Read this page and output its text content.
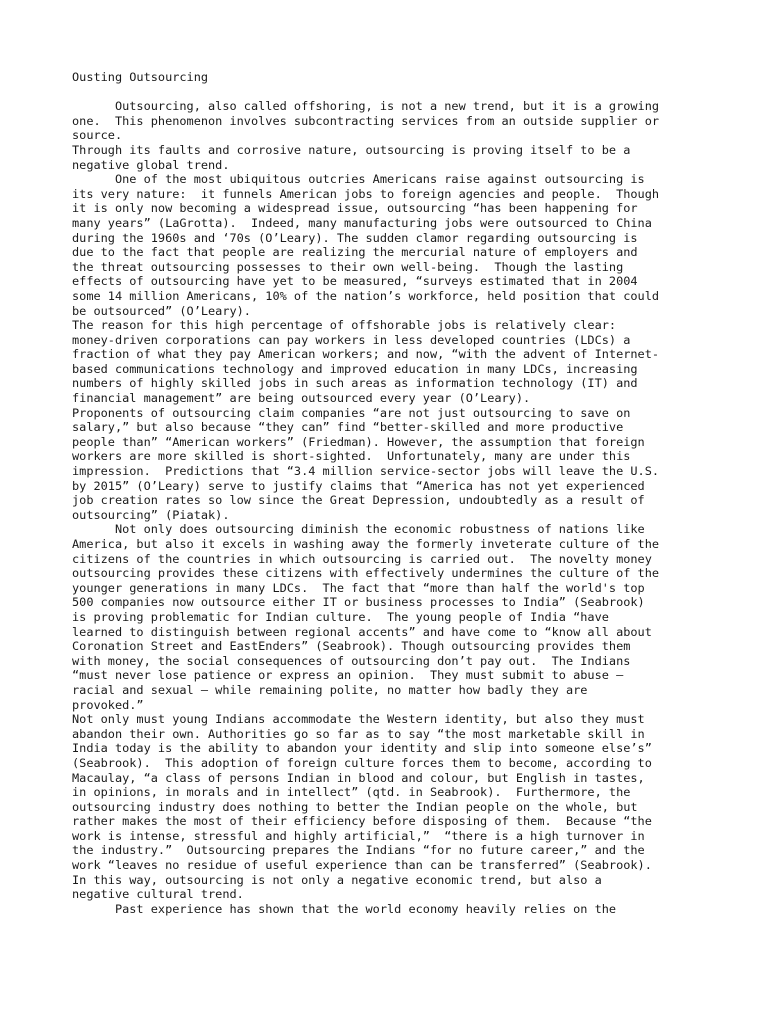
Ousting Outsourcing

Outsourcing, also called offshoring, is not a new trend, but it is a growing
one.  This phenomenon involves subcontracting services from an outside supplier or
source.
Through its faults and corrosive nature, outsourcing is proving itself to be a
negative global trend.
One of the most ubiquitous outcries Americans raise against outsourcing is
its very nature:  it funnels American jobs to foreign agencies and people.  Though
it is only now becoming a widespread issue, outsourcing “has been happening for
many years” (LaGrotta).  Indeed, many manufacturing jobs were outsourced to China
during the 1960s and ‘70s (O’Leary). The sudden clamor regarding outsourcing is
due to the fact that people are realizing the mercurial nature of employers and
the threat outsourcing possesses to their own well-being.  Though the lasting
effects of outsourcing have yet to be measured, “surveys estimated that in 2004
some 14 million Americans, 10% of the nation’s workforce, held position that could
be outsourced” (O’Leary).
The reason for this high percentage of offshorable jobs is relatively clear:
money-driven corporations can pay workers in less developed countries (LDCs) a
fraction of what they pay American workers; and now, “with the advent of Internet-
based communications technology and improved education in many LDCs, increasing
numbers of highly skilled jobs in such areas as information technology (IT) and
financial management” are being outsourced every year (O’Leary).
Proponents of outsourcing claim companies “are not just outsourcing to save on
salary,” but also because “they can” find “better-skilled and more productive
people than” “American workers” (Friedman). However, the assumption that foreign
workers are more skilled is short-sighted.  Unfortunately, many are under this
impression.  Predictions that “3.4 million service-sector jobs will leave the U.S.
by 2015” (O’Leary) serve to justify claims that “America has not yet experienced
job creation rates so low since the Great Depression, undoubtedly as a result of
outsourcing” (Piatak).
Not only does outsourcing diminish the economic robustness of nations like
America, but also it excels in washing away the formerly inveterate culture of the
citizens of the countries in which outsourcing is carried out.  The novelty money
outsourcing provides these citizens with effectively undermines the culture of the
younger generations in many LDCs.  The fact that “more than half the world's top
500 companies now outsource either IT or business processes to India” (Seabrook)
is proving problematic for Indian culture.  The young people of India “have
learned to distinguish between regional accents” and have come to “know all about
Coronation Street and EastEnders” (Seabrook). Though outsourcing provides them
with money, the social consequences of outsourcing don’t pay out.  The Indians
“must never lose patience or express an opinion.  They must submit to abuse –
racial and sexual – while remaining polite, no matter how badly they are
provoked.”
Not only must young Indians accommodate the Western identity, but also they must
abandon their own. Authorities go so far as to say “the most marketable skill in
India today is the ability to abandon your identity and slip into someone else’s”
(Seabrook).  This adoption of foreign culture forces them to become, according to
Macaulay, “a class of persons Indian in blood and colour, but English in tastes,
in opinions, in morals and in intellect” (qtd. in Seabrook).  Furthermore, the
outsourcing industry does nothing to better the Indian people on the whole, but
rather makes the most of their efficiency before disposing of them.  Because “the
work is intense, stressful and highly artificial,”  “there is a high turnover in
the industry.”  Outsourcing prepares the Indians “for no future career,” and the
work “leaves no residue of useful experience than can be transferred” (Seabrook).
In this way, outsourcing is not only a negative economic trend, but also a
negative cultural trend.
Past experience has shown that the world economy heavily relies on the
